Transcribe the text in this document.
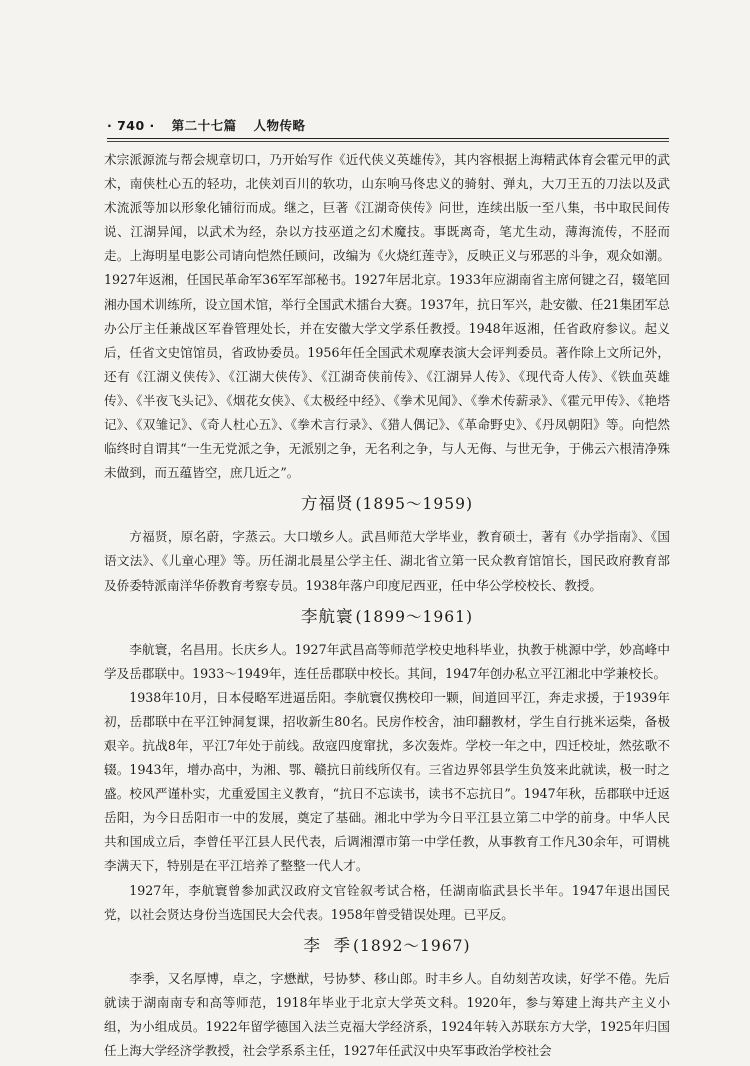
· 740 · 第二十七篇 人物传略

术宗派源流与帮会规章切口，乃开始写作《近代侠义英雄传》，其内容根据上海精武体育会霍元甲的武术，南侠杜心五的轻功，北侠刘百川的软功，山东响马佟忠义的骑射、弹丸，大刀王五的刀法以及武术流派等加以形象化铺衍而成。继之，巨著《江湖奇侠传》问世，连续出版一至八集，书中取民间传说、江湖异闻，以武术为经，杂以方技巫道之幻术魔技。事既离奇，笔尤生动，薄海流传，不胫而走。上海明星电影公司请向恺然任顾问，改编为《火烧红莲寺》，反映正义与邪恶的斗争，观众如潮。1927年返湘，任国民革命军36军军部秘书。1927年居北京。1933年应湖南省主席何键之召，辍笔回湘办国术训练所，设立国术馆，举行全国武术擂台大赛。1937年，抗日军兴，赴安徽、任21集团军总办公厅主任兼战区军眷管理处长，并在安徽大学文学系任教授。1948年返湘，任省政府参议。起义后，任省文史馆馆员，省政协委员。1956年任全国武术观摩表演大会评判委员。著作除上文所记外，还有《江湖义侠传》、《江湖大侠传》、《江湖奇侠前传》、《江湖异人传》、《现代奇人传》、《铁血英雄传》、《半夜飞头记》、《烟花女侠》、《太极经中经》、《拳术见闻》、《拳术传薪录》、《霍元甲传》、《艳塔记》、《双雏记》、《奇人杜心五》、《拳术言行录》、《猎人偶记》、《革命野史》、《丹凤朝阳》等。向恺然临终时自谓其“一生无党派之争，无派别之争，无名利之争，与人无侮、与世无争，于佛云六根清净殊未做到，而五蕴皆空，庶几近之”。

方福贤 (1895～1959)

方福贤，原名蔚，字蒸云。大口墩乡人。武昌师范大学毕业，教育硕士，著有《办学指南》、《国语文法》、《儿童心理》等。历任湖北晨星公学主任、湖北省立第一民众教育馆馆长，国民政府教育部及侨委特派南洋华侨教育考察专员。1938年落户印度尼西亚，任中华公学校校长、教授。

李航寰 (1899～1961)

李航寰，名昌用。长庆乡人。1927年武昌高等师范学校史地科毕业，执教于桃源中学，妙高峰中学及岳郡联中。1933～1949年，连任岳郡联中校长。其间，1947年创办私立平江湘北中学兼校长。

1938年10月，日本侵略军进逼岳阳。李航寰仅携校印一颗，间道回平江，奔走求援，于1939年初，岳郡联中在平江钟洞复课，招收新生80名。民房作校舍，油印翻教材，学生自行挑米运柴，备极艰辛。抗战8年，平江7年处于前线。敌寇四度窜扰，多次轰炸。学校一年之中，四迁校址，然弦歌不辍。1943年，增办高中，为湘、鄂、赣抗日前线所仅有。三省边界邻县学生负笈来此就读，极一时之盛。校风严谨朴实，尤重爱国主义教育，“抗日不忘读书，读书不忘抗日”。1947年秋，岳郡联中迁返岳阳，为今日岳阳市一中的发展，奠定了基础。湘北中学为今日平江县立第二中学的前身。中华人民共和国成立后，李曾任平江县人民代表，后调湘潭市第一中学任教，从事教育工作凡30余年，可谓桃李满天下，特别是在平江培养了整整一代人才。

1927年，李航寰曾参加武汉政府文官铨叙考试合格，任湖南临武县长半年。1947年退出国民党，以社会贤达身份当选国民大会代表。1958年曾受错误处理。已平反。

李  季 (1892～1967)

李季，又名厚博，卓之，字懋猷，号协梦、移山郎。时丰乡人。自幼刻苦攻读，好学不倦。先后就读于湖南南专和高等师范，1918年毕业于北京大学英文科。1920年，参与筹建上海共产主义小组，为小组成员。1922年留学德国入法兰克福大学经济系，1924年转入苏联东方大学，1925年归国任上海大学经济学教授，社会学系系主任，1927年任武汉中央军事政治学校社会
